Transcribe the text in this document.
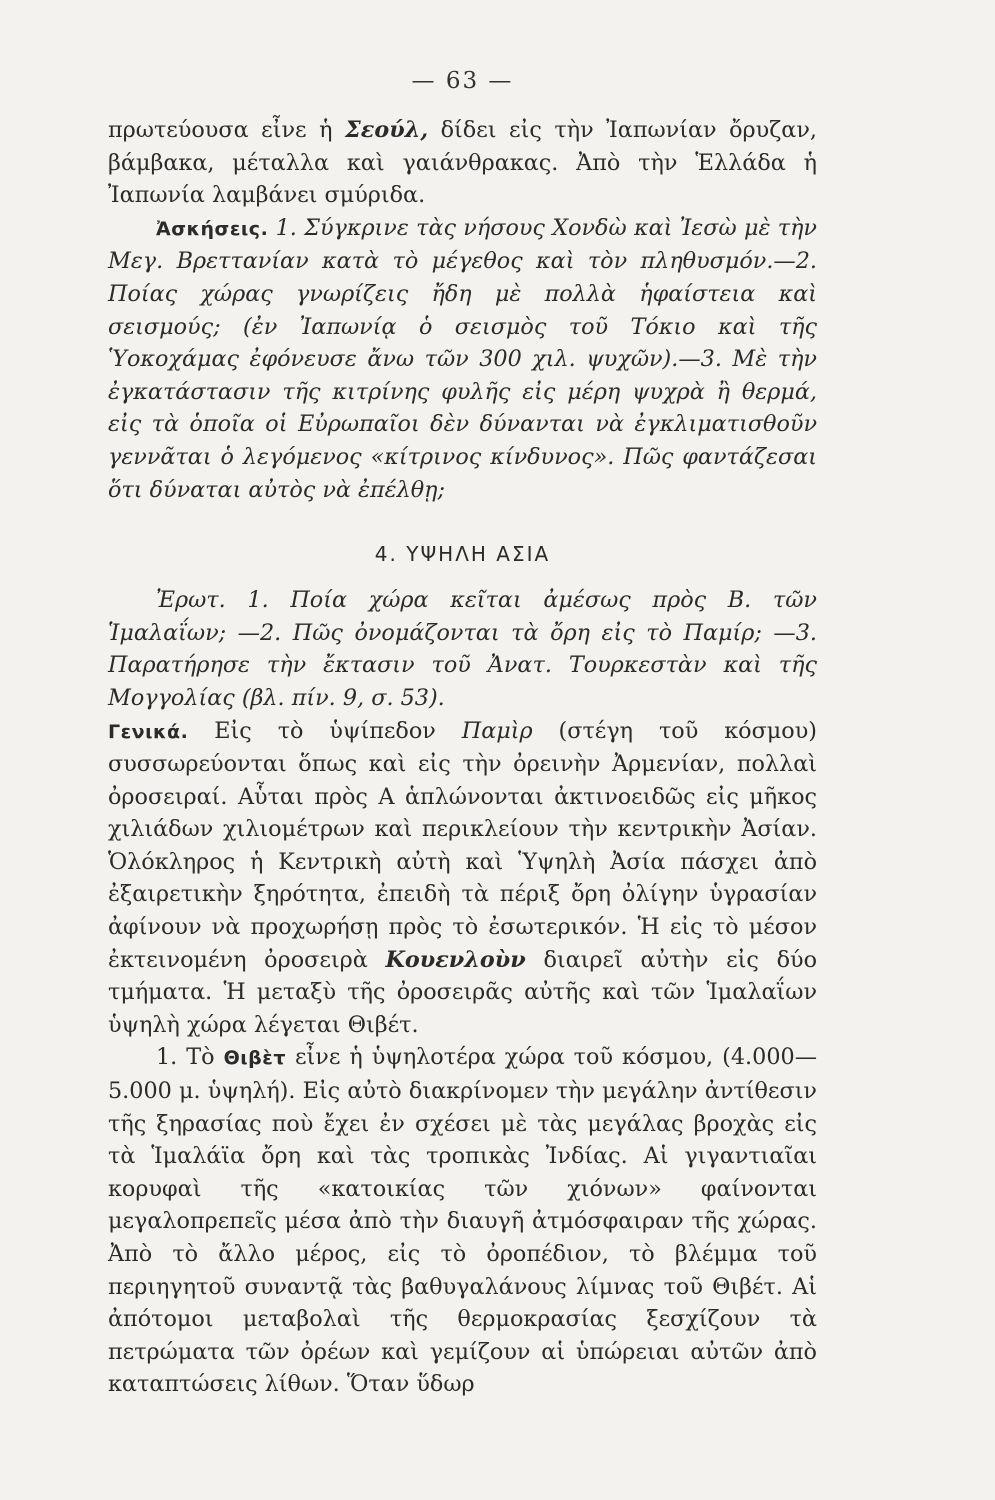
— 63 —

πρωτεύουσα εἶνε ἡ Σεούλ, δίδει εἰς τὴν Ἰαπωνίαν ὄρυζαν, βάμβακα, μέταλλα καὶ γαιάνθρακας. Ἀπὸ τὴν Ἑλλάδα ἡ Ἰαπωνία λαμβάνει σμύριδα.

Ἀσκήσεις. 1. Σύγκρινε τὰς νήσους Χονδὼ καὶ Ἰεσὼ μὲ τὴν Μεγ. Βρεττανίαν κατὰ τὸ μέγεθος καὶ τὸν πληθυσμόν.—2. Ποίας χώρας γνωρίζεις ἤδη μὲ πολλὰ ἡφαίστεια καὶ σεισμούς; (ἐν Ἰαπωνίᾳ ὁ σεισμὸς τοῦ Τόκιο καὶ τῆς Ὑοκοχάμας ἐφόνευσε ἄνω τῶν 300 χιλ. ψυχῶν).—3. Μὲ τὴν ἐγκατάστασιν τῆς κιτρίνης φυλῆς εἰς μέρη ψυχρὰ ἢ θερμά, εἰς τὰ ὁποῖα οἱ Εὐρωπαῖοι δὲν δύνανται νὰ ἐγκλιματισθοῦν γεννᾶται ὁ λεγόμενος «κίτρινος κίνδυνος». Πῶς φαντάζεσαι ὅτι δύναται αὐτὸς νὰ ἐπέλθῃ;

4. ΥΨΗΛΗ ΑΣΙΑ

Ἐρωτ. 1. Ποία χώρα κεῖται ἀμέσως πρὸς Β. τῶν Ἱμαλαΐων; —2. Πῶς ὀνομάζονται τὰ ὄρη εἰς τὸ Παμίρ; —3. Παρατήρησε τὴν ἔκτασιν τοῦ Ἀνατ. Τουρκεστὰν καὶ τῆς Μογγολίας (βλ. πίν. 9, σ. 53).

Γενικά. Εἰς τὸ ὑψίπεδον Παμὶρ (στέγη τοῦ κόσμου) συσσωρεύονται ὅπως καὶ εἰς τὴν ὀρεινὴν Ἀρμενίαν, πολλαὶ ὀροσειραί. Αὗται πρὸς Α ἁπλώνονται ἀκτινοειδῶς εἰς μῆκος χιλιάδων χιλιομέτρων καὶ περικλείουν τὴν κεντρικὴν Ἀσίαν. Ὁλόκληρος ἡ Κεντρικὴ αὐτὴ καὶ Ὑψηλὴ Ἀσία πάσχει ἀπὸ ἐξαιρετικὴν ξηρότητα, ἐπειδὴ τὰ πέριξ ὄρη ὀλίγην ὑγρασίαν ἀφίνουν νὰ προχωρήσῃ πρὸς τὸ ἐσωτερικόν. Ἡ εἰς τὸ μέσον ἐκτεινομένη ὀροσειρὰ Κουενλοὺν διαιρεῖ αὐτὴν εἰς δύο τμήματα. Ἡ μεταξὺ τῆς ὀροσειρᾶς αὐτῆς καὶ τῶν Ἱμαλαΐων ὑψηλὴ χώρα λέγεται Θιβέτ.

1. Τὸ Θιβὲτ εἶνε ἡ ὑψηλοτέρα χώρα τοῦ κόσμου, (4.000—5.000 μ. ὑψηλή). Εἰς αὐτὸ διακρίνομεν τὴν μεγάλην ἀντίθεσιν τῆς ξηρασίας ποὺ ἔχει ἐν σχέσει μὲ τὰς μεγάλας βροχὰς εἰς τὰ Ἱμαλάϊα ὄρη καὶ τὰς τροπικὰς Ἰνδίας. Αἱ γιγαντιαῖαι κορυφαὶ τῆς «κατοικίας τῶν χιόνων» φαίνονται μεγαλοπρεπεῖς μέσα ἀπὸ τὴν διαυγῆ ἀτμόσφαιραν τῆς χώρας. Ἀπὸ τὸ ἄλλο μέρος, εἰς τὸ ὀροπέδιον, τὸ βλέμμα τοῦ περιηγητοῦ συναντᾷ τὰς βαθυγαλάνους λίμνας τοῦ Θιβέτ. Αἱ ἀπότομοι μεταβολαὶ τῆς θερμοκρασίας ξεσχίζουν τὰ πετρώματα τῶν ὀρέων καὶ γεμίζουν αἱ ὑπώρειαι αὐτῶν ἀπὸ καταπτώσεις λίθων. Ὅταν ὕδωρ
